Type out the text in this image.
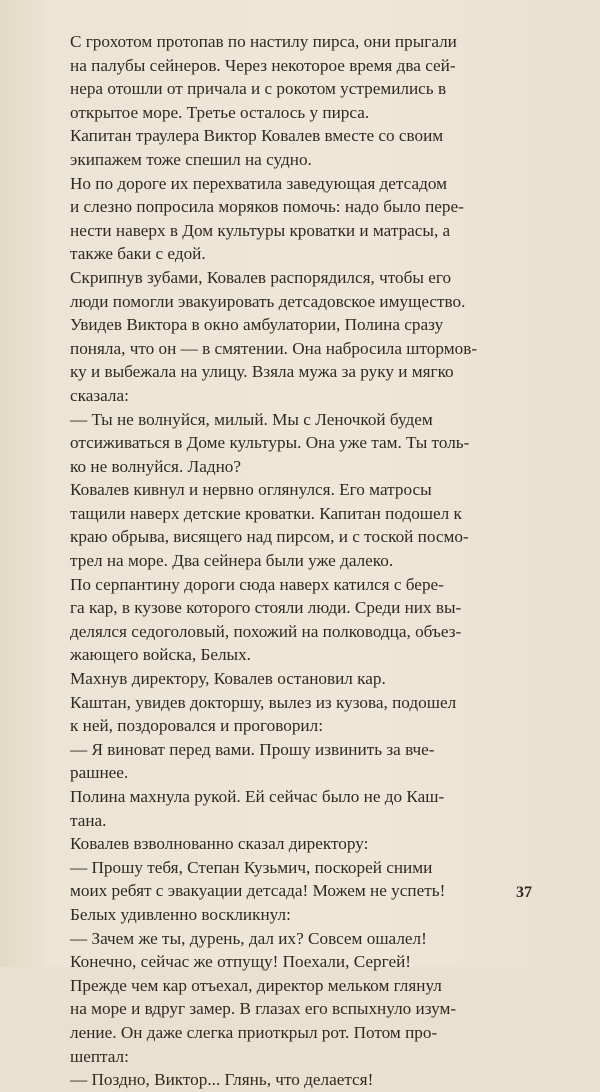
С грохотом протопав по настилу пирса, они прыгали
на палубы сейнеров. Через некоторое время два сей-
нера отошли от причала и с рокотом устремились в
открытое море. Третье осталось у пирса.
Капитан траулера Виктор Ковалев вместе со своим
экипажем тоже спешил на судно.
Но по дороге их перехватила заведующая детсадом
и слезно попросила моряков помочь: надо было пере-
нести наверх в Дом культуры кроватки и матрасы, а
также баки с едой.
Скрипнув зубами, Ковалев распорядился, чтобы его
люди помогли эвакуировать детсадовское имущество.
Увидев Виктора в окно амбулатории, Полина сразу
поняла, что он — в смятении. Она набросила штормов-
ку и выбежала на улицу. Взяла мужа за руку и мягко
сказала:
— Ты не волнуйся, милый. Мы с Леночкой будем
отсиживаться в Доме культуры. Она уже там. Ты толь-
ко не волнуйся. Ладно?
Ковалев кивнул и нервно оглянулся. Его матросы
тащили наверх детские кроватки. Капитан подошел к
краю обрыва, висящего над пирсом, и с тоской посмо-
трел на море. Два сейнера были уже далеко.
По серпантину дороги сюда наверх катился с бере-
га кар, в кузове которого стояли люди. Среди них вы-
делялся седоголовый, похожий на полководца, объез-
жающего войска, Белых.
Махнув директору, Ковалев остановил кар.
Каштан, увидев докторшу, вылез из кузова, подошел
к ней, поздоровался и проговорил:
— Я виноват перед вами. Прошу извинить за вче-
рашнее.
Полина махнула рукой. Ей сейчас было не до Каш-
тана.
Ковалев взволнованно сказал директору:
— Прошу тебя, Степан Кузьмич, поскорей сними
моих ребят с эвакуации детсада! Можем не успеть!
Белых удивленно воскликнул:
— Зачем же ты, дурень, дал их? Совсем ошалел!
Конечно, сейчас же отпущу! Поехали, Сергей!
Прежде чем кар отъехал, директор мельком глянул
на море и вдруг замер. В глазах его вспыхнуло изум-
ление. Он даже слегка приоткрыл рот. Потом про-
шептал:
— Поздно, Виктор... Глянь, что делается!
37
